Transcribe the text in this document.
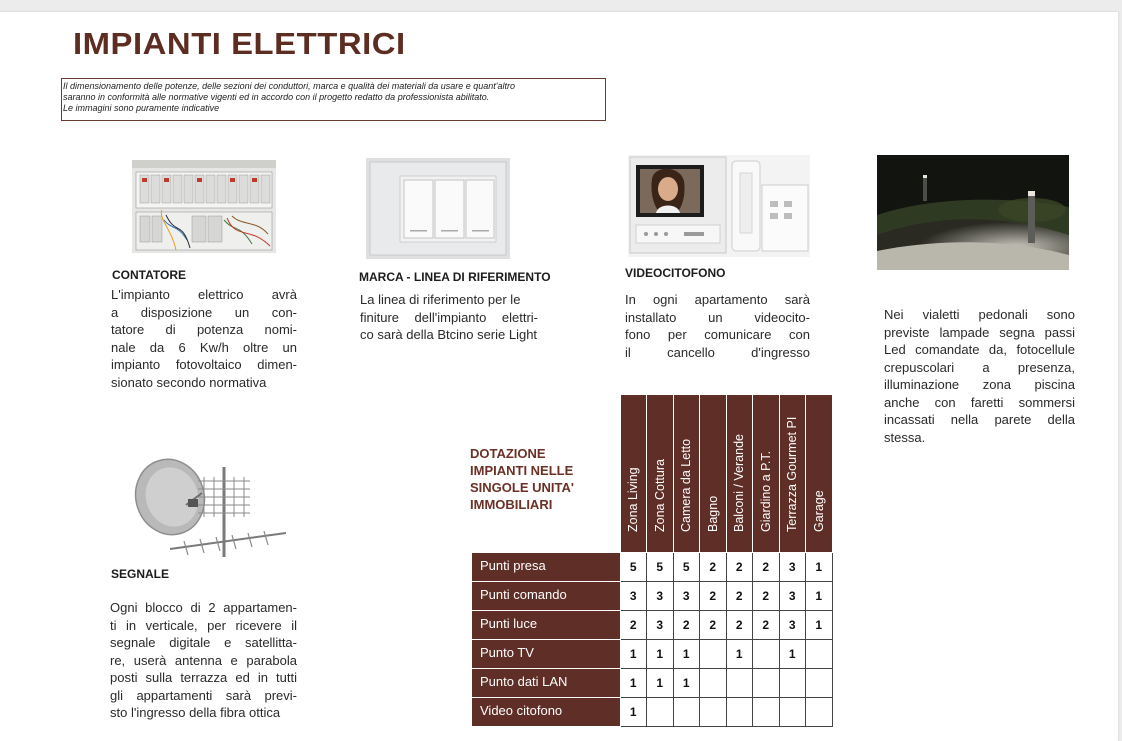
IMPIANTI ELETTRICI
Il dimensionamento delle potenze, delle sezioni dei conduttori, marca e qualità dei materiali da usare e quant'altro
saranno in conformità alle normative vigenti ed in accordo con il progetto redatto da professionista abilitato.
Le immagini sono puramente indicative
CONTATORE
L'impianto elettrico avrà
a disposizione un con-
tatore di potenza nomi-
nale da 6 Kw/h oltre un
impianto fotovoltaico dimen-
sionato secondo normativa
MARCA - LINEA DI RIFERIMENTO
La linea di riferimento per le
finiture dell'impianto elettri-
co sarà della Btcino serie Light
VIDEOCITOFONO
In ogni apartamento sarà
installato un videocito-
fono per comunicare con
il cancello d'ingresso
Nei vialetti pedonali sono
previste lampade segna passi
Led comandate da, fotocellule
crepuscolari a presenza,
illuminazione zona piscina
anche con faretti sommersi
incassati nella parete della
stessa.
SEGNALE
Ogni blocco di 2 appartamen-
ti in verticale, per ricevere il
segnale digitale e satellitta-
re, userà antenna e parabola
posti sulla terrazza ed in tutti
gli appartamenti sarà previ-
sto l'ingresso della fibra ottica
DOTAZIONE
IMPIANTI NELLE
SINGOLE UNITA'
IMMOBILIARI

	Zona Living	Zona Cottura	Camera da Letto	Bagno	Balconi / Verande	Giardino a P.T.	Terrazza Gourmet PI	Garage

Punti presa	5	5	5	2	2	2	3	1
Punti comando	3	3	3	2	2	2	3	1
Punti luce	2	3	2	2	2	2	3	1
Punto TV	1	1	1		1		1	
Punto dati LAN	1	1	1					
Video citofono	1							
